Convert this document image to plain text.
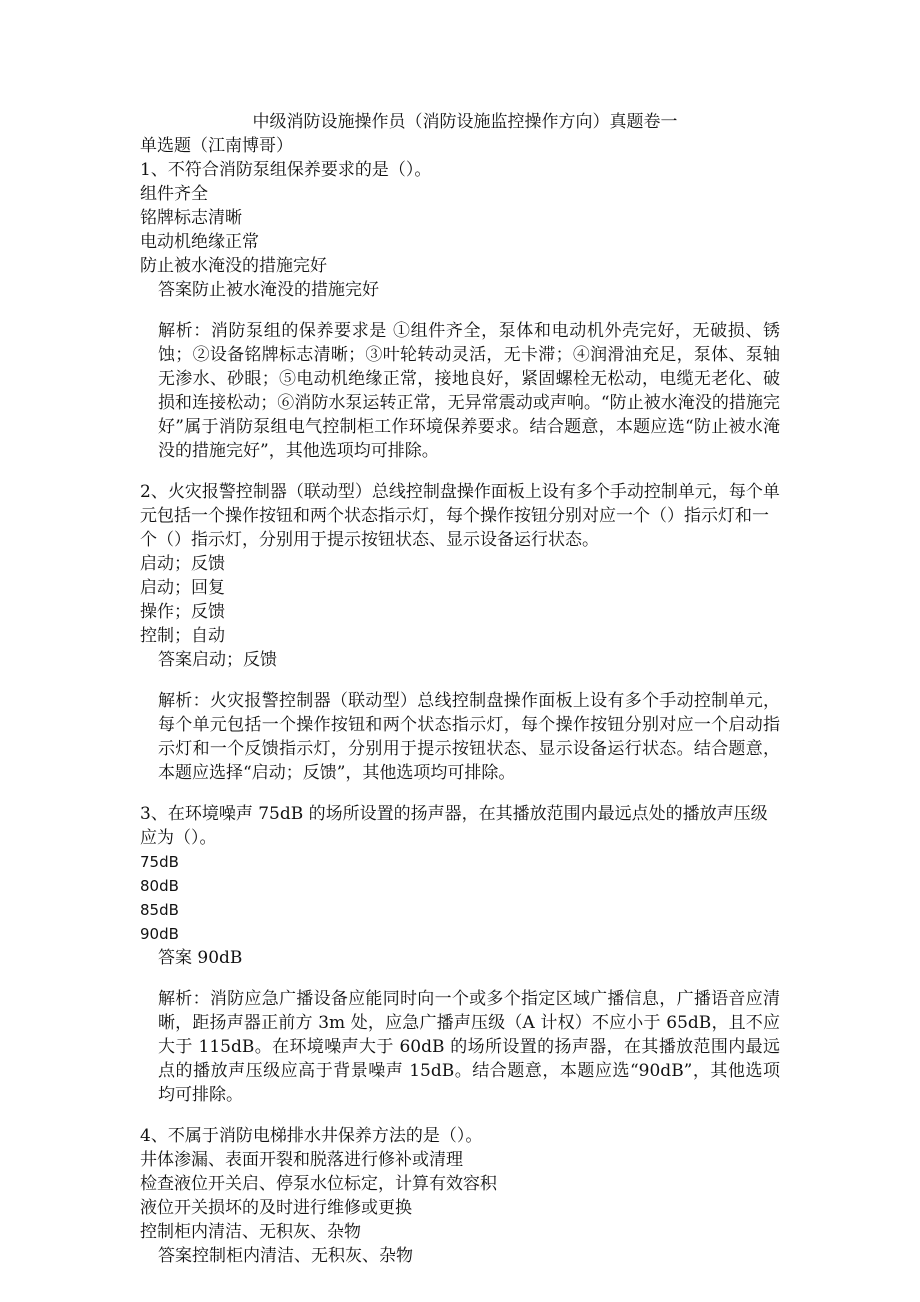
中级消防设施操作员（消防设施监控操作方向）真题卷一

单选题（江南博哥）

1、不符合消防泵组保养要求的是（）。

组件齐全

铭牌标志清晰

电动机绝缘正常

防止被水淹没的措施完好

答案防止被水淹没的措施完好

解析：消防泵组的保养要求是 ①组件齐全，泵体和电动机外壳完好，无破损、锈蚀；②设备铭牌标志清晰；③叶轮转动灵活，无卡滞；④润滑油充足，泵体、泵轴无渗水、砂眼；⑤电动机绝缘正常，接地良好，紧固螺栓无松动，电缆无老化、破损和连接松动；⑥消防水泵运转正常，无异常震动或声响。“防止被水淹没的措施完好”属于消防泵组电气控制柜工作环境保养要求。结合题意，本题应选“防止被水淹没的措施完好”，其他选项均可排除。

2、火灾报警控制器（联动型）总线控制盘操作面板上设有多个手动控制单元，每个单元包括一个操作按钮和两个状态指示灯，每个操作按钮分别对应一个（）指示灯和一个（）指示灯，分别用于提示按钮状态、显示设备运行状态。

启动；反馈

启动；回复

操作；反馈

控制；自动

答案启动；反馈

解析：火灾报警控制器（联动型）总线控制盘操作面板上设有多个手动控制单元，每个单元包括一个操作按钮和两个状态指示灯，每个操作按钮分别对应一个启动指示灯和一个反馈指示灯，分别用于提示按钮状态、显示设备运行状态。结合题意，本题应选择“启动；反馈”，其他选项均可排除。

3、在环境噪声 75dB 的场所设置的扬声器，在其播放范围内最远点处的播放声压级应为（）。

75dB

80dB

85dB

90dB

答案 90dB

解析：消防应急广播设备应能同时向一个或多个指定区域广播信息，广播语音应清晰，距扬声器正前方 3m 处，应急广播声压级（A 计权）不应小于 65dB，且不应大于 115dB。在环境噪声大于 60dB 的场所设置的扬声器，在其播放范围内最远点的播放声压级应高于背景噪声 15dB。结合题意，本题应选“90dB”，其他选项均可排除。

4、不属于消防电梯排水井保养方法的是（）。

井体渗漏、表面开裂和脱落进行修补或清理

检查液位开关启、停泵水位标定，计算有效容积

液位开关损坏的及时进行维修或更换

控制柜内清洁、无积灰、杂物

答案控制柜内清洁、无积灰、杂物
